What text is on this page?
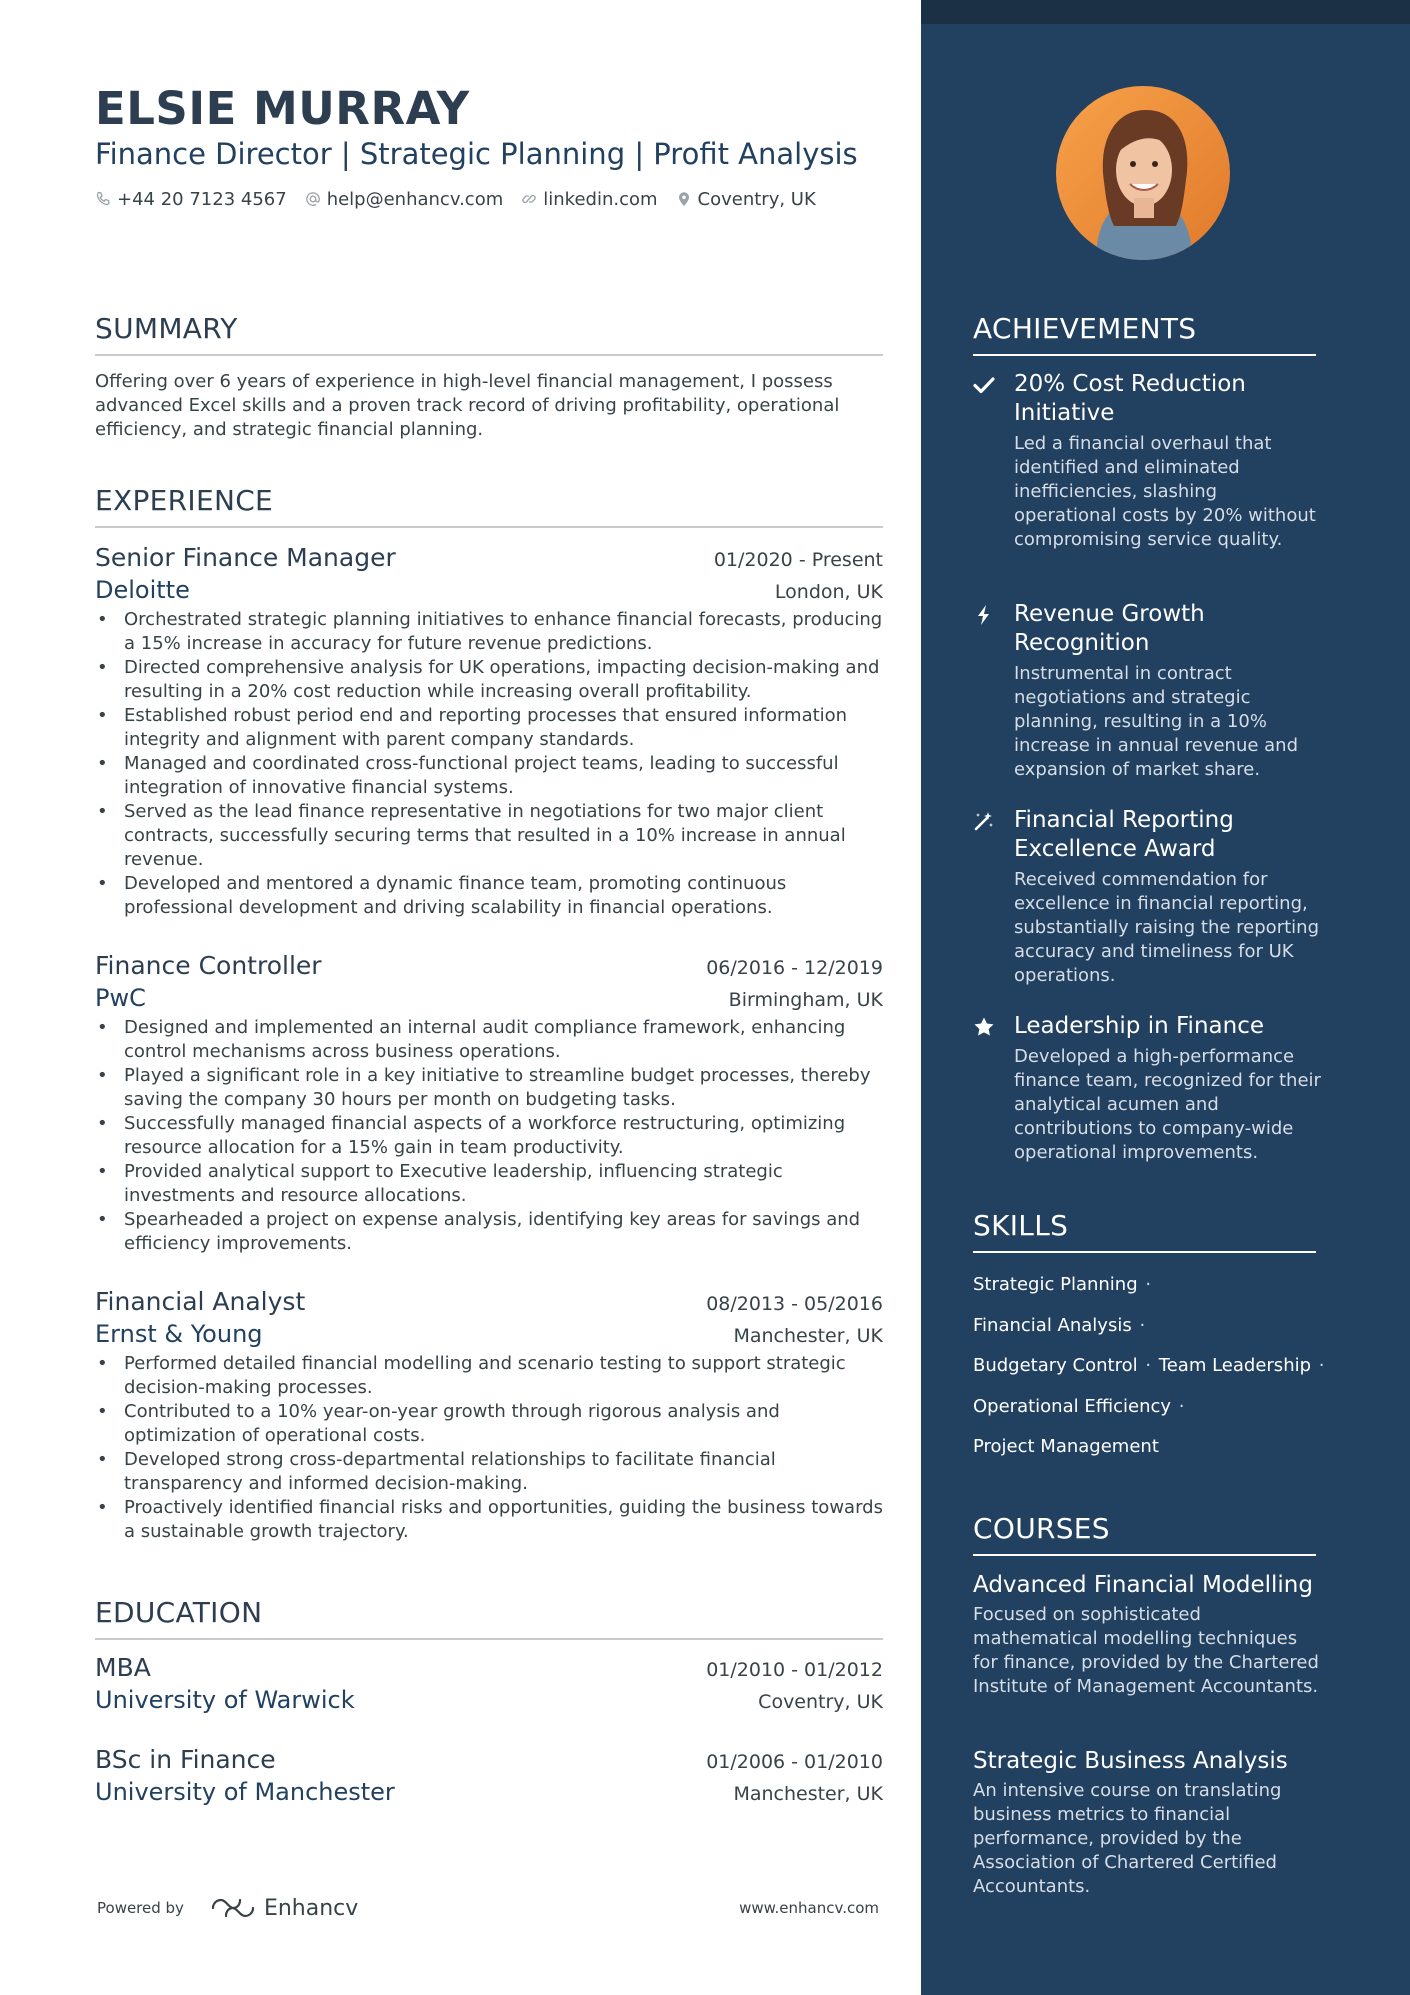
ELSIE MURRAY
Finance Director | Strategic Planning | Profit Analysis
+44 20 7123 4567 help@enhancv.com linkedin.com Coventry, UK
SUMMARY
Offering over 6 years of experience in high-level financial management, I possess advanced Excel skills and a proven track record of driving profitability, operational efficiency, and strategic financial planning.
EXPERIENCE
Senior Finance Manager	01/2020 - Present
Deloitte	London, UK
• Orchestrated strategic planning initiatives to enhance financial forecasts, producing a 15% increase in accuracy for future revenue predictions.
• Directed comprehensive analysis for UK operations, impacting decision-making and resulting in a 20% cost reduction while increasing overall profitability.
• Established robust period end and reporting processes that ensured information integrity and alignment with parent company standards.
• Managed and coordinated cross-functional project teams, leading to successful integration of innovative financial systems.
• Served as the lead finance representative in negotiations for two major client contracts, successfully securing terms that resulted in a 10% increase in annual revenue.
• Developed and mentored a dynamic finance team, promoting continuous professional development and driving scalability in financial operations.
Finance Controller	06/2016 - 12/2019
PwC	Birmingham, UK
• Designed and implemented an internal audit compliance framework, enhancing control mechanisms across business operations.
• Played a significant role in a key initiative to streamline budget processes, thereby saving the company 30 hours per month on budgeting tasks.
• Successfully managed financial aspects of a workforce restructuring, optimizing resource allocation for a 15% gain in team productivity.
• Provided analytical support to Executive leadership, influencing strategic investments and resource allocations.
• Spearheaded a project on expense analysis, identifying key areas for savings and efficiency improvements.
Financial Analyst	08/2013 - 05/2016
Ernst & Young	Manchester, UK
• Performed detailed financial modelling and scenario testing to support strategic decision-making processes.
• Contributed to a 10% year-on-year growth through rigorous analysis and optimization of operational costs.
• Developed strong cross-departmental relationships to facilitate financial transparency and informed decision-making.
• Proactively identified financial risks and opportunities, guiding the business towards a sustainable growth trajectory.
EDUCATION
MBA	01/2010 - 01/2012
University of Warwick	Coventry, UK
BSc in Finance	01/2006 - 01/2010
University of Manchester	Manchester, UK
Powered by	Enhancv	www.enhancv.com
ACHIEVEMENTS
20% Cost Reduction Initiative
Led a financial overhaul that identified and eliminated inefficiencies, slashing operational costs by 20% without compromising service quality.
Revenue Growth Recognition
Instrumental in contract negotiations and strategic planning, resulting in a 10% increase in annual revenue and expansion of market share.
Financial Reporting Excellence Award
Received commendation for excellence in financial reporting, substantially raising the reporting accuracy and timeliness for UK operations.
Leadership in Finance
Developed a high-performance finance team, recognized for their analytical acumen and contributions to company-wide operational improvements.
SKILLS
Strategic Planning ·
Financial Analysis ·
Budgetary Control · Team Leadership ·
Operational Efficiency ·
Project Management
COURSES
Advanced Financial Modelling
Focused on sophisticated mathematical modelling techniques for finance, provided by the Chartered Institute of Management Accountants.
Strategic Business Analysis
An intensive course on translating business metrics to financial performance, provided by the Association of Chartered Certified Accountants.
